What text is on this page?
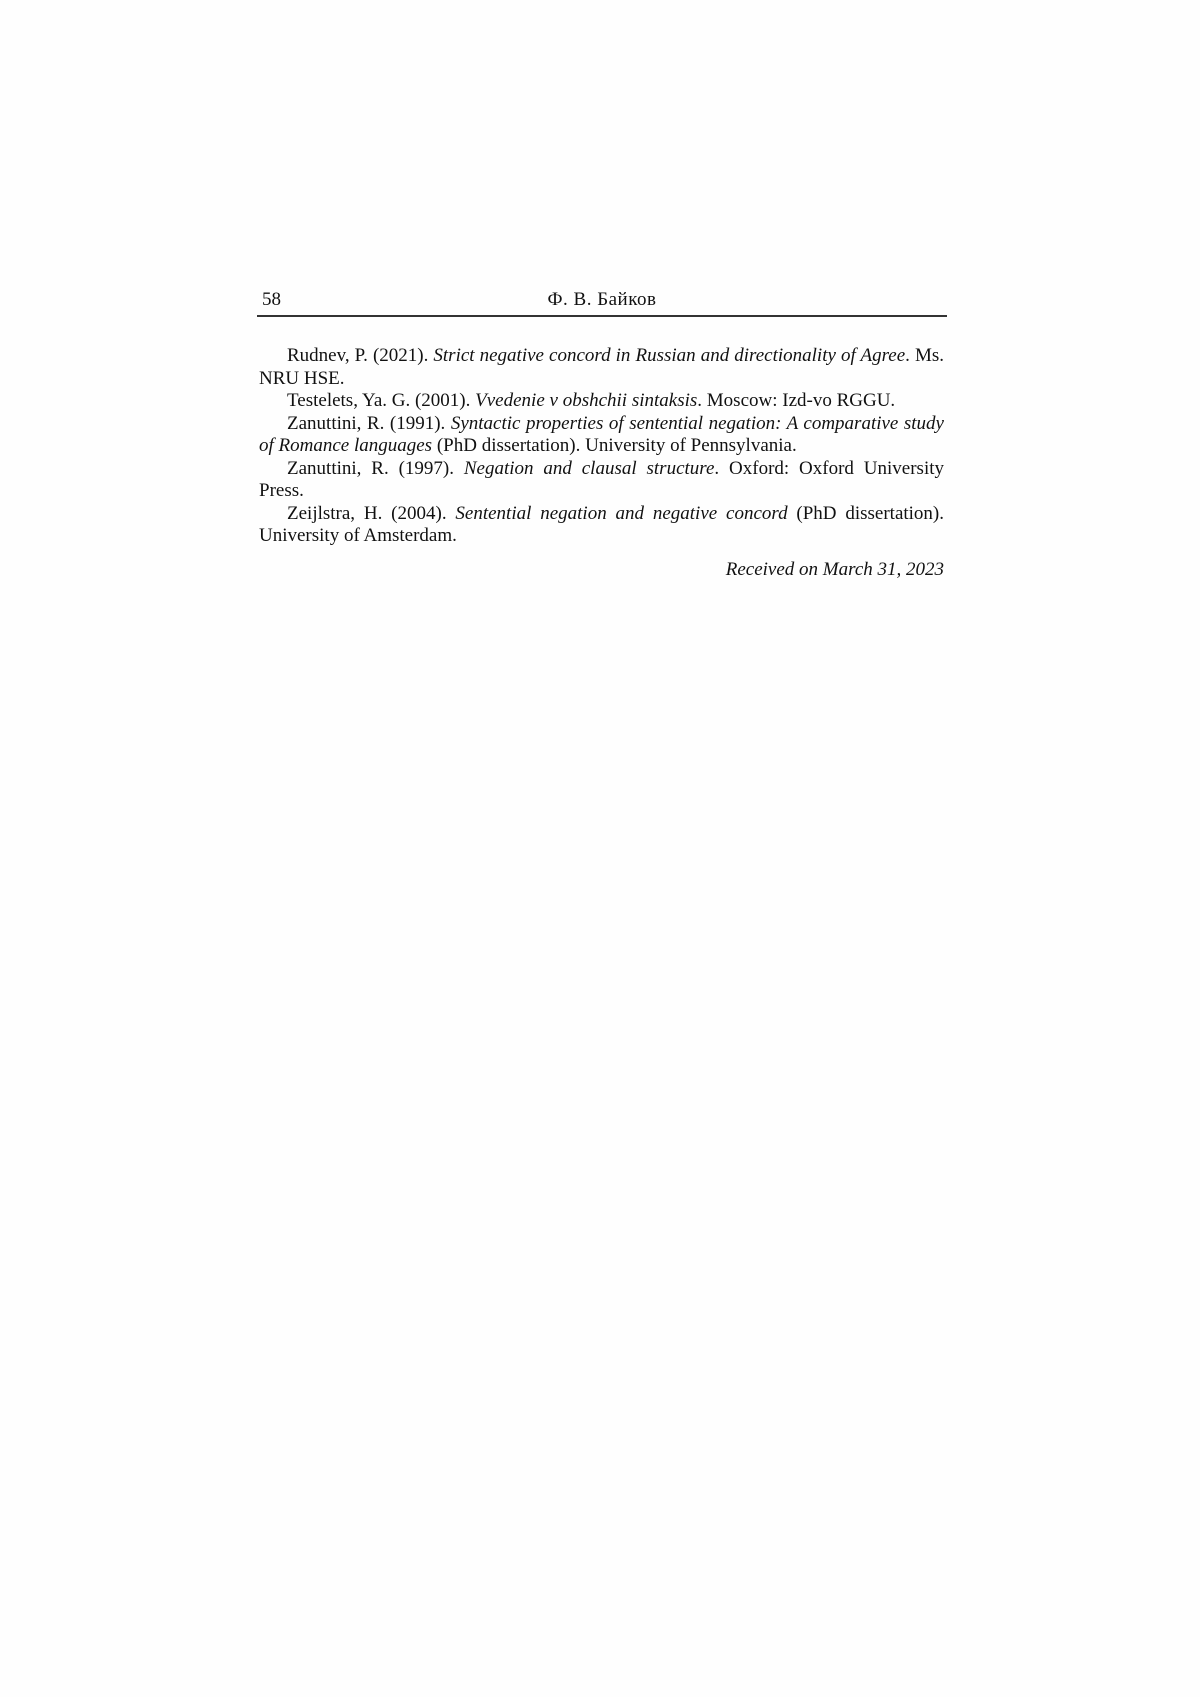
58	Ф. В. Байков

Rudnev, P. (2021). Strict negative concord in Russian and directionality of Agree. Ms. NRU HSE.

Testelets, Ya. G. (2001). Vvedenie v obshchii sintaksis. Moscow: Izd-vo RGGU.

Zanuttini, R. (1991). Syntactic properties of sentential negation: A comparative study of Romance languages (PhD dissertation). University of Pennsylvania.

Zanuttini, R. (1997). Negation and clausal structure. Oxford: Oxford University Press.

Zeijlstra, H. (2004). Sentential negation and negative concord (PhD dissertation). University of Amsterdam.

Received on March 31, 2023
